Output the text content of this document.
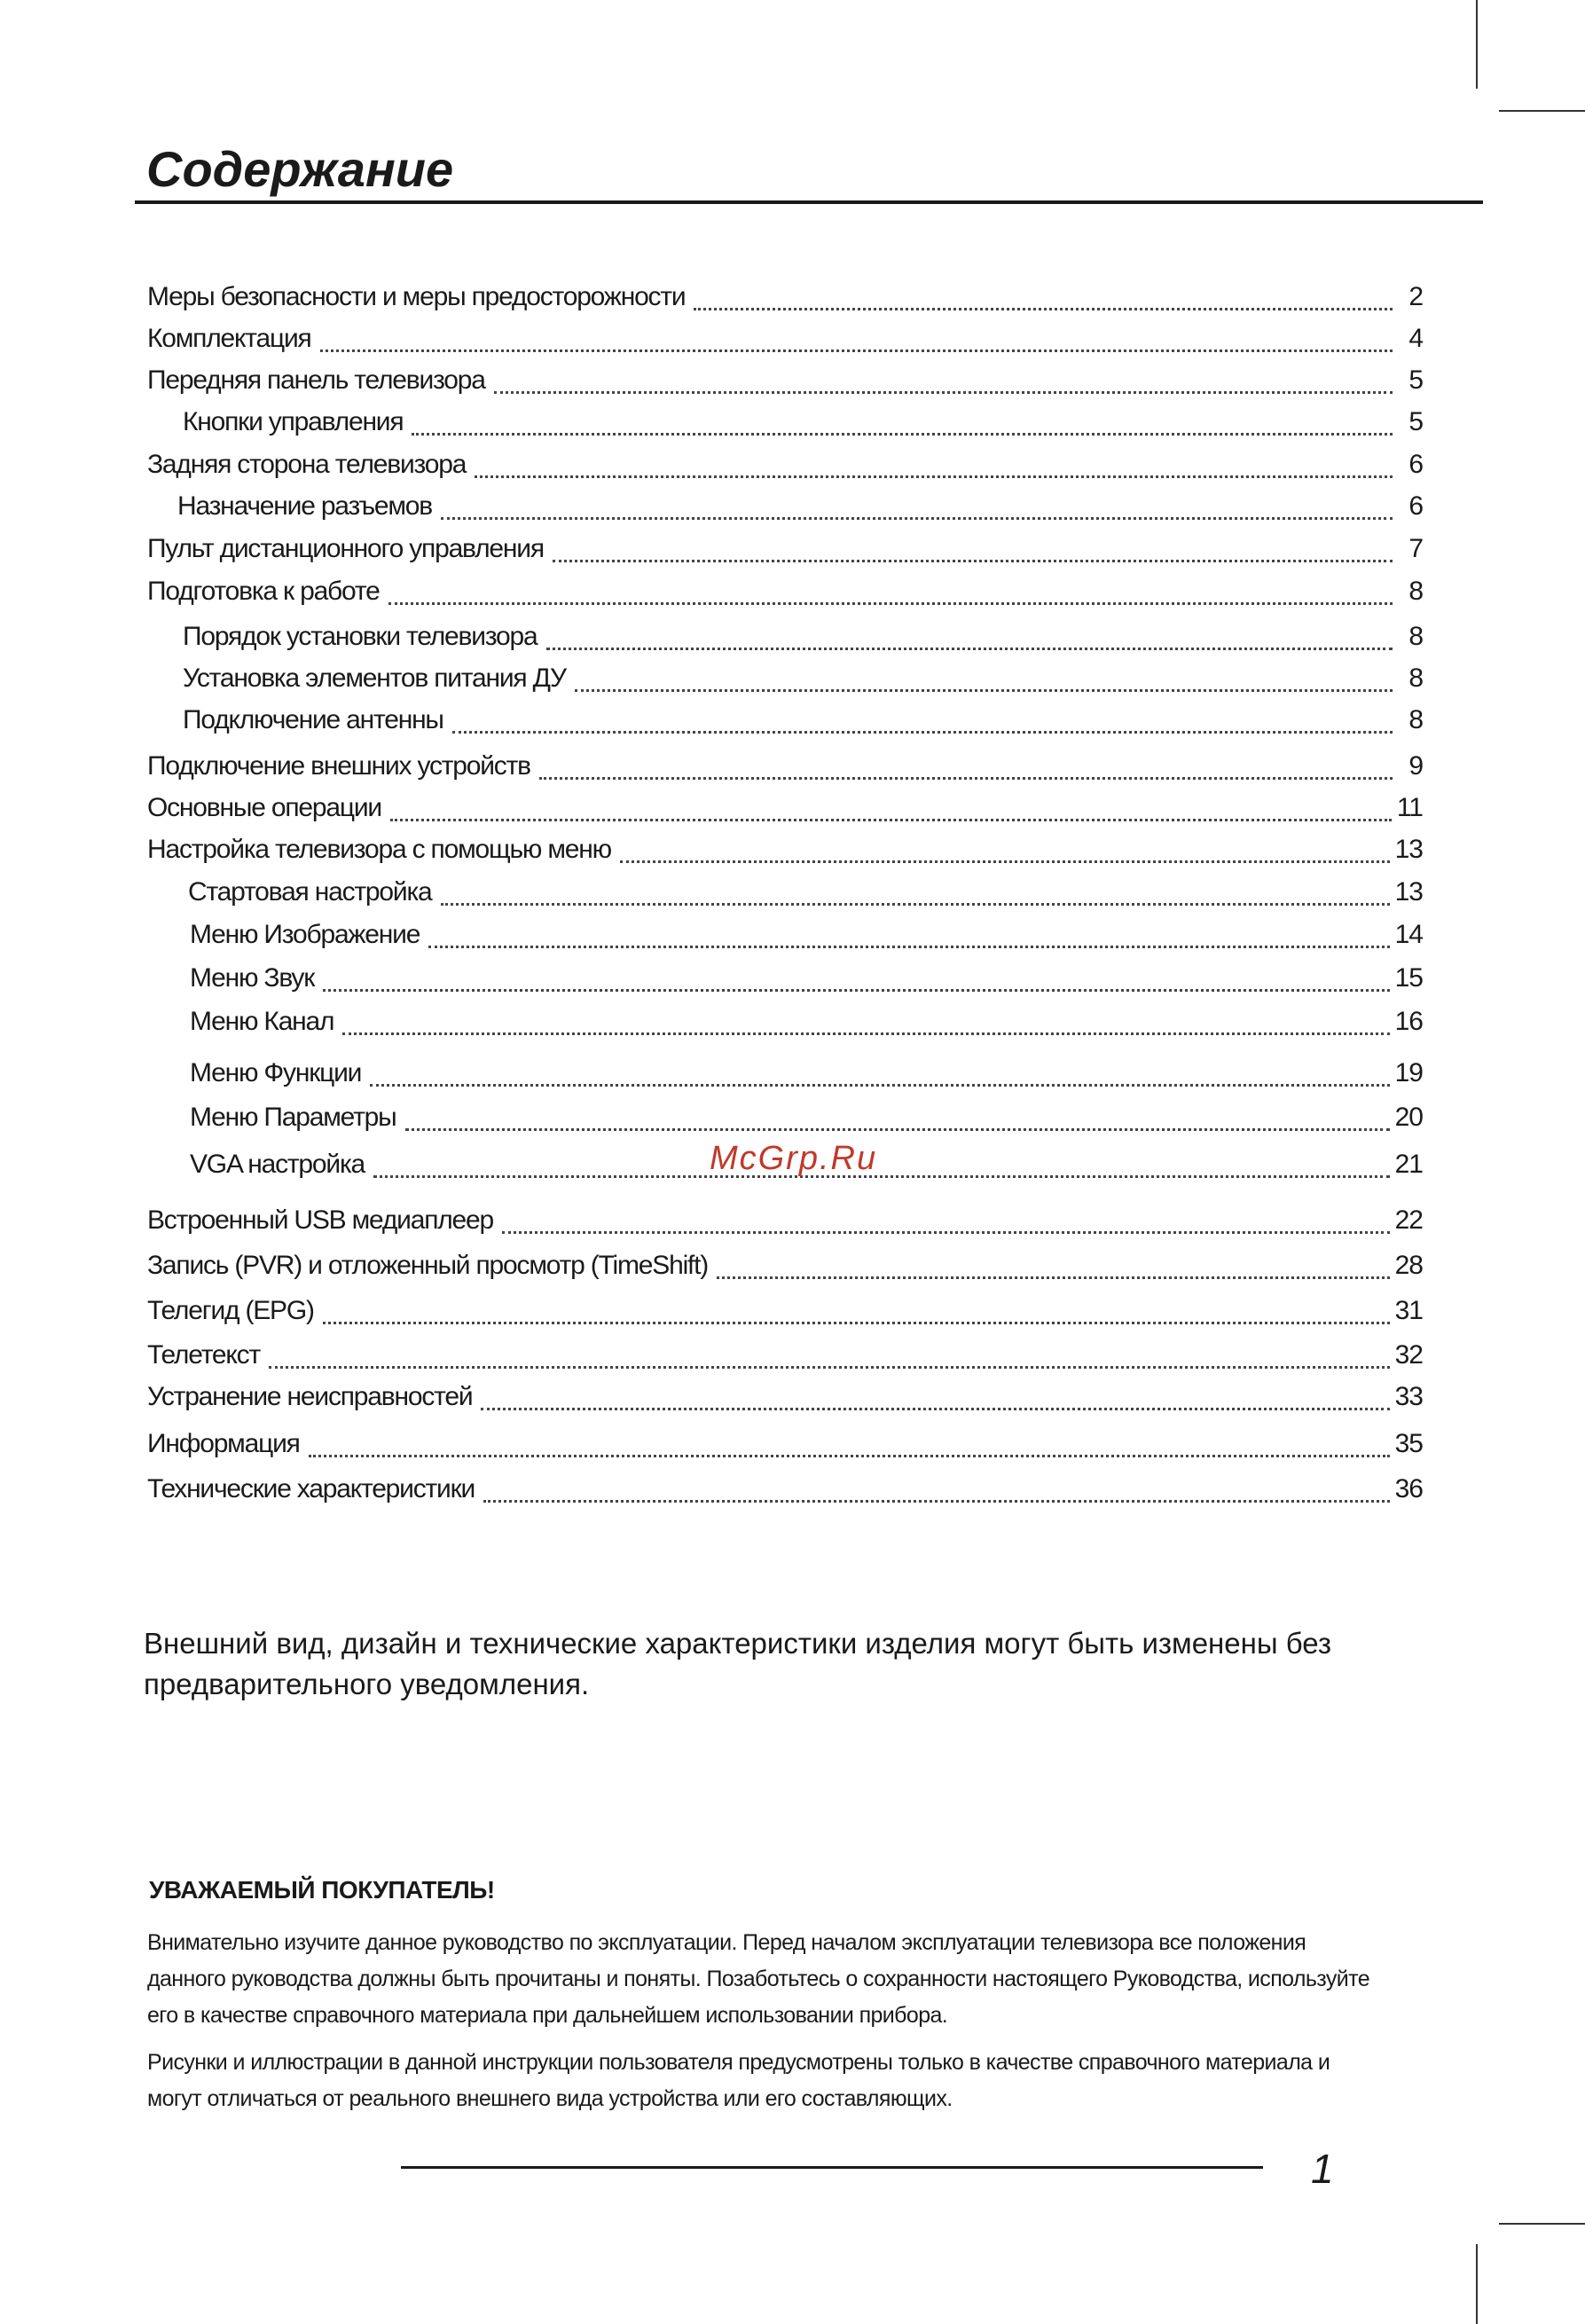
Содержание
Меры безопасности и меры предосторожности	2
Комплектация	4
Передняя панель телевизора	5
Кнопки управления	5
Задняя сторона телевизора	6
Назначение разъемов	6
Пульт дистанционного управления	7
Подготовка к работе	8
Порядок установки телевизора	8
Установка элементов питания ДУ	8
Подключение антенны	8
Подключение внешних устройств	9
Основные операции	11
Настройка телевизора с помощью меню	13
Стартовая настройка	13
Меню Изображение	14
Меню Звук	15
Меню Канал	16
Меню Функции	19
Меню Параметры	20
VGA настройка	21
Встроенный USB медиаплеер	22
Запись (PVR) и отложенный просмотр (TimeShift)	28
Телегид (EPG)	31
Телетекст	32
Устранение неисправностей	33
Информация	35
Технические характеристики	36
McGrp.Ru

Внешний вид, дизайн и технические характеристики изделия могут быть изменены без предварительного уведомления.

УВАЖАЕМЫЙ ПОКУПАТЕЛЬ!

Внимательно изучите данное руководство по эксплуатации. Перед началом эксплуатации телевизора все положения данного руководства должны быть прочитаны и поняты. Позаботьтесь о сохранности настоящего Руководства, используйте его в качестве справочного материала при дальнейшем использовании прибора.

Рисунки и иллюстрации в данной инструкции пользователя предусмотрены только в качестве справочного материала и могут отличаться от реального внешнего вида устройства или его составляющих.

1
